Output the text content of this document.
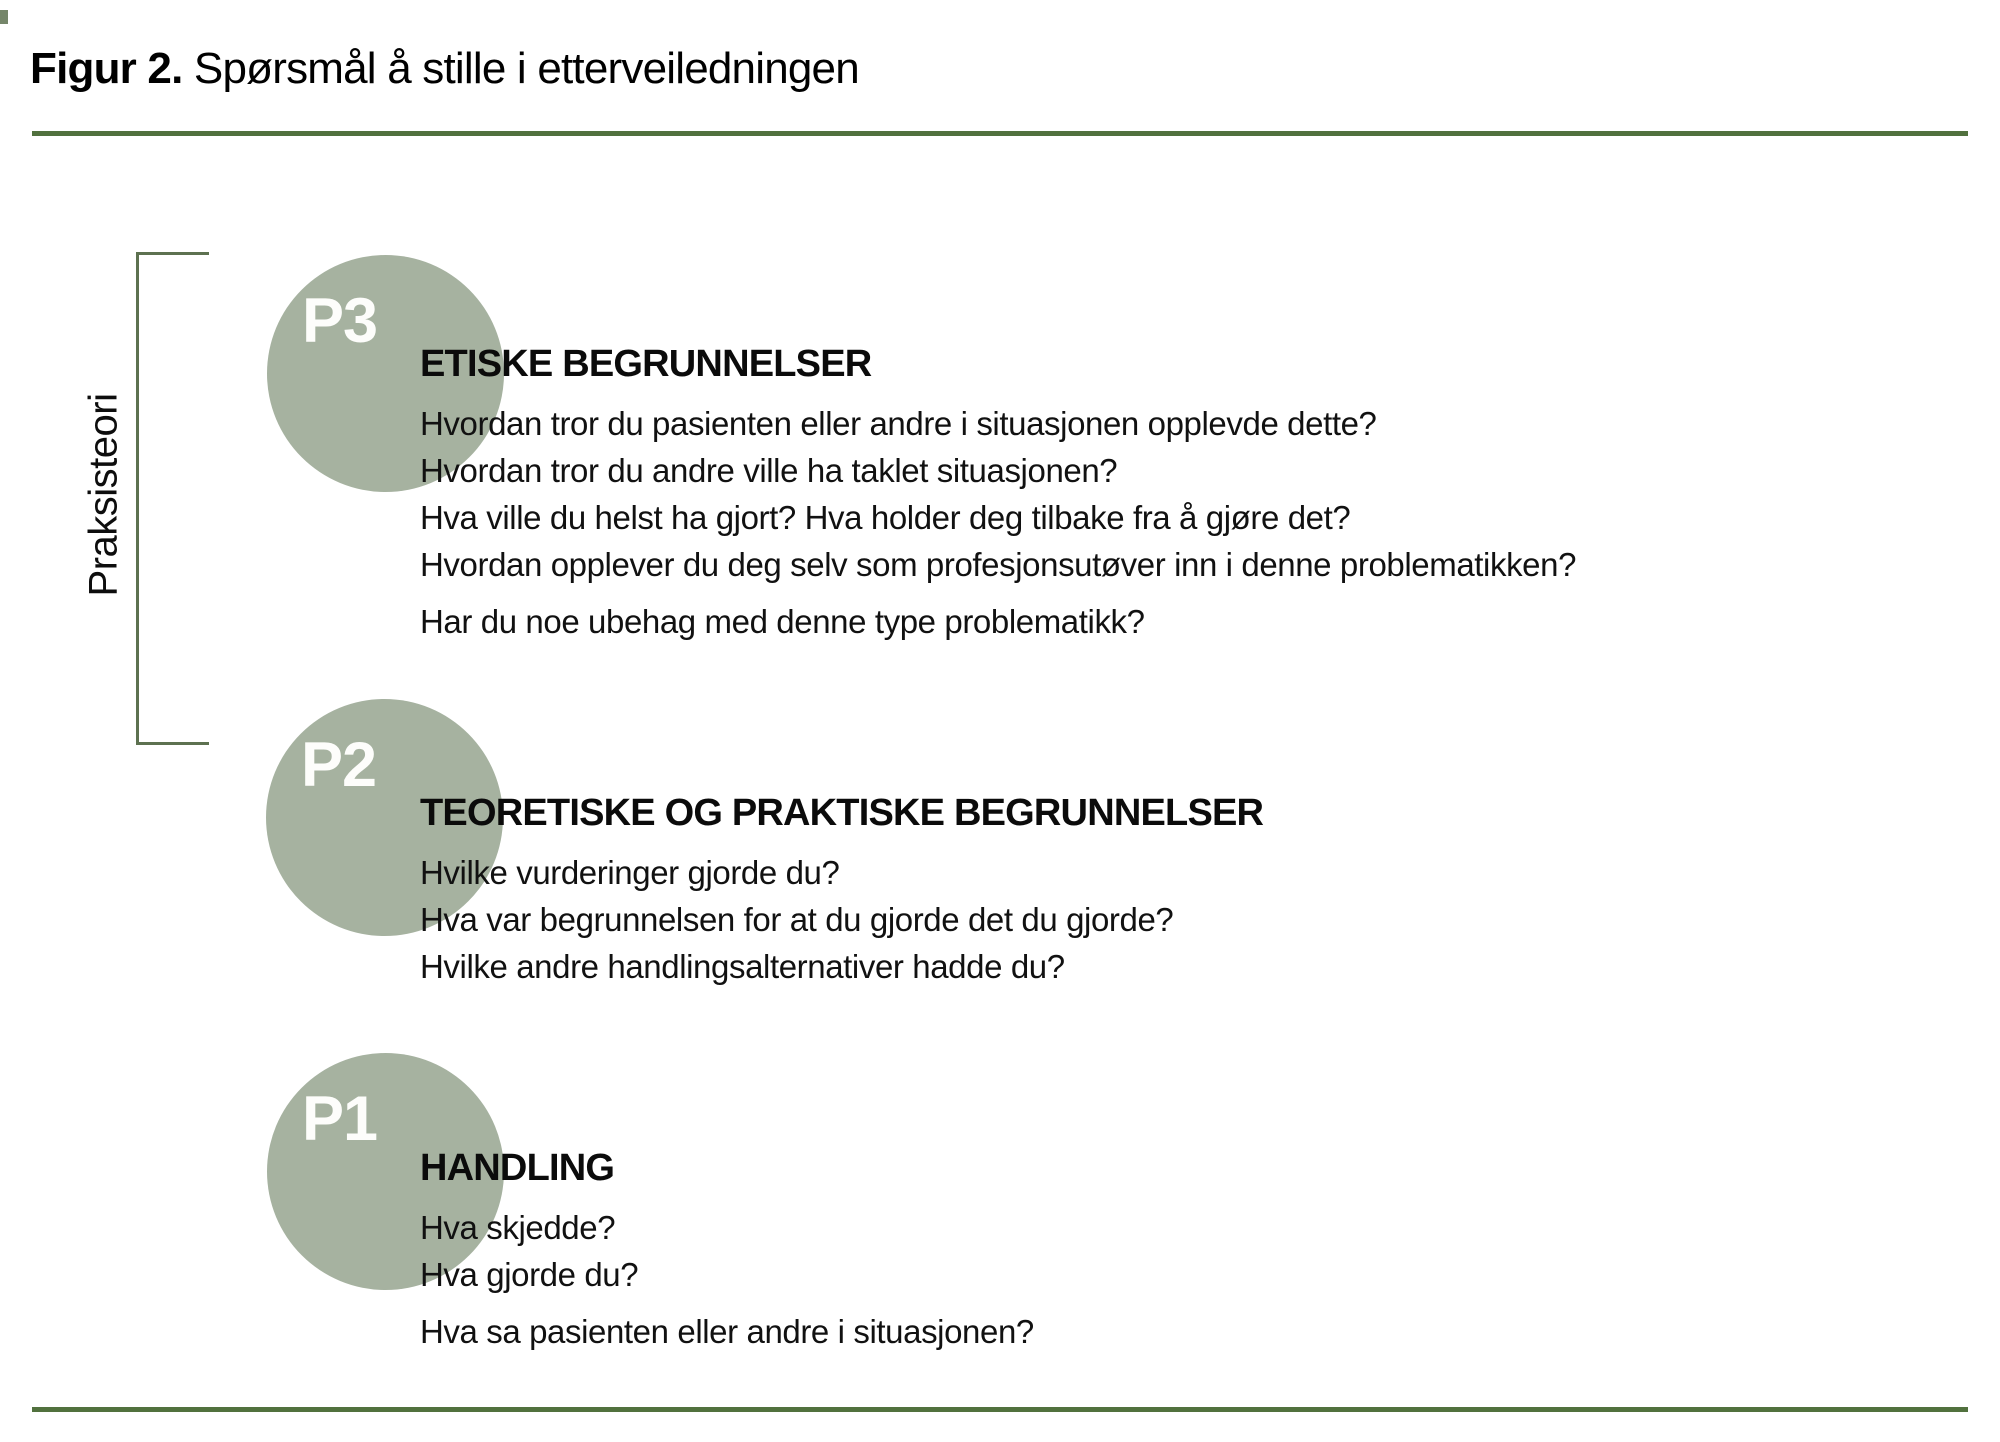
Figur 2. Spørsmål å stille i etterveiledningen
Praksisteori
P3
ETISKE BEGRUNNELSER

Hvordan tror du pasienten eller andre i situasjonen opplevde dette?

Hvordan tror du andre ville ha taklet situasjonen?

Hva ville du helst ha gjort? Hva holder deg tilbake fra å gjøre det?

Hvordan opplever du deg selv som profesjonsutøver inn i denne problematikken?

Har du noe ubehag med denne type problematikk?

P2
TEORETISKE OG PRAKTISKE BEGRUNNELSER

Hvilke vurderinger gjorde du?

Hva var begrunnelsen for at du gjorde det du gjorde?

Hvilke andre handlingsalternativer hadde du?

P1
HANDLING

Hva skjedde?

Hva gjorde du?

Hva sa pasienten eller andre i situasjonen?
